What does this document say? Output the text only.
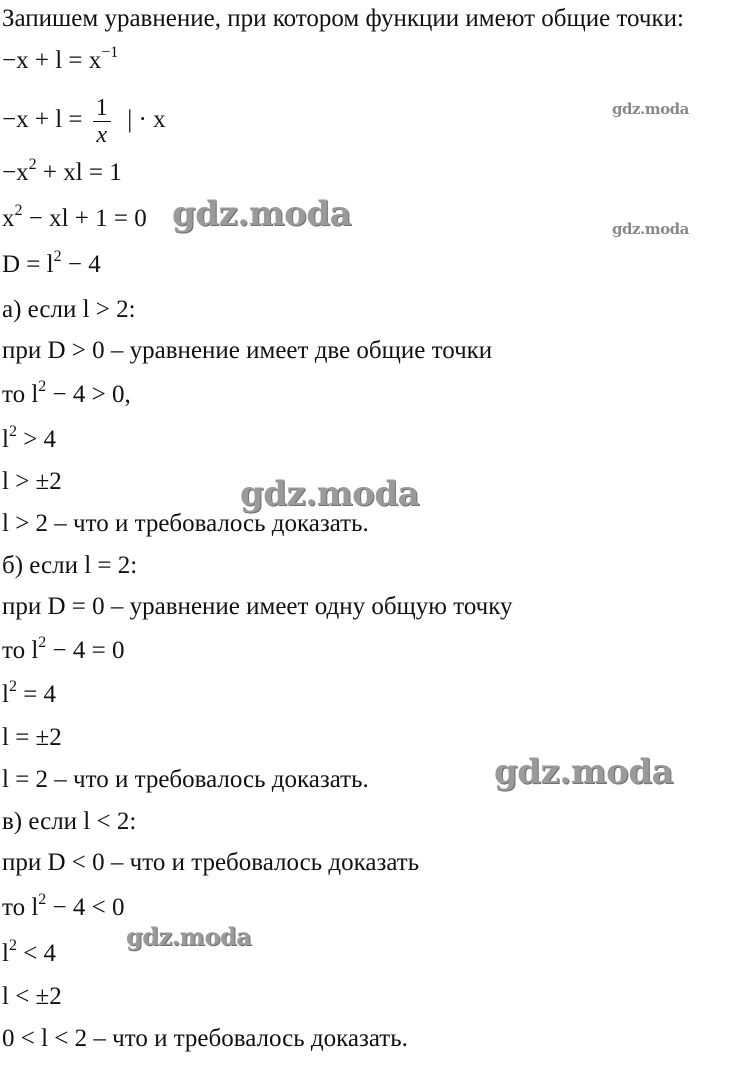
Запишем уравнение, при котором функции имеют общие точки:
$-x + l = x^{-1}$
$-x + l = \frac{1}{x}$ | · x
$-x^2$ + xl = 1
$x^2$ − xl + 1 = 0
$D = l^2 - 4$
а) если l > 2:
при D > 0 – уравнение имеет две общие точки
то $l^2 - 4 > 0$,
$l^2 > 4$
l > ±2
l > 2 – что и требовалось доказать.
б) если l = 2:
при D = 0 – уравнение имеет одну общую точку
то $l^2 - 4 = 0$
$l^2 = 4$
l = ±2
l = 2 – что и требовалось доказать.
в) если l < 2:
при D < 0 – что и требовалось доказать
то $l^2 - 4 < 0$
$l^2 < 4$
l < ±2
0 < l < 2 – что и требовалось доказать.
gdz.moda
gdz.moda
gdz.moda
gdz.moda
gdz.moda
gdz.moda
